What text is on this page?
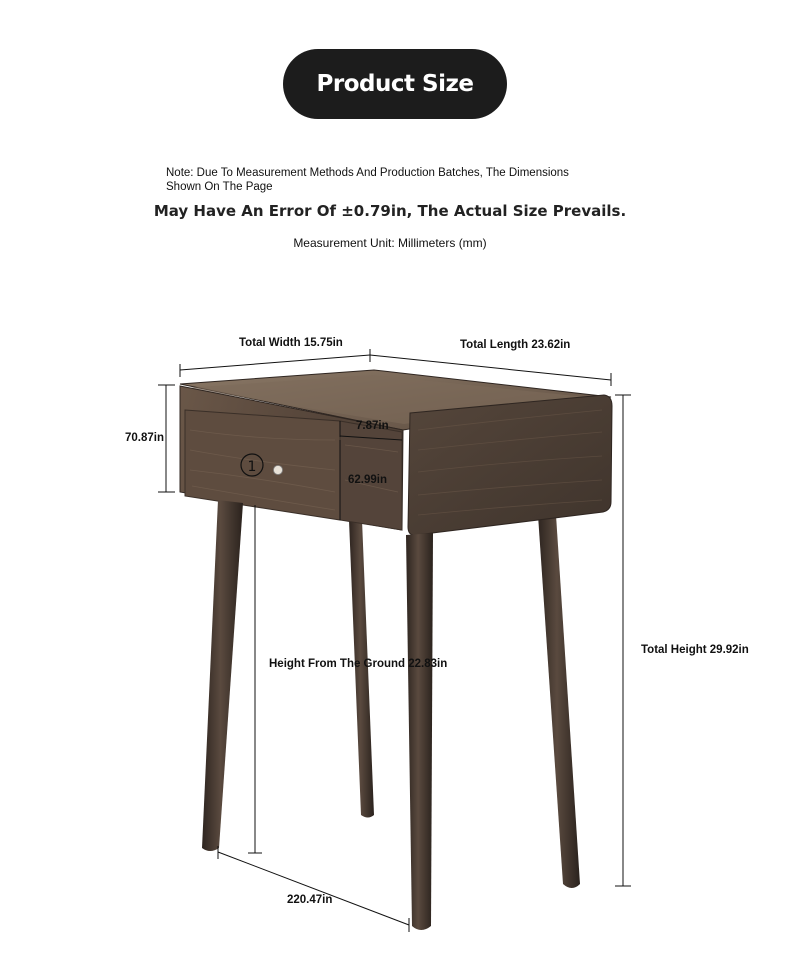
Product Size
Note: Due To Measurement Methods And Production Batches, The Dimensions Shown On The Page
May Have An Error Of ±0.79in, The Actual Size Prevails.
Measurement Unit: Millimeters (mm)
1
Total Width 15.75in	Total Length 23.62in
70.87in
7.87in
62.99in
Height From The Ground 22.83in
Total Height 29.92in
220.47in
